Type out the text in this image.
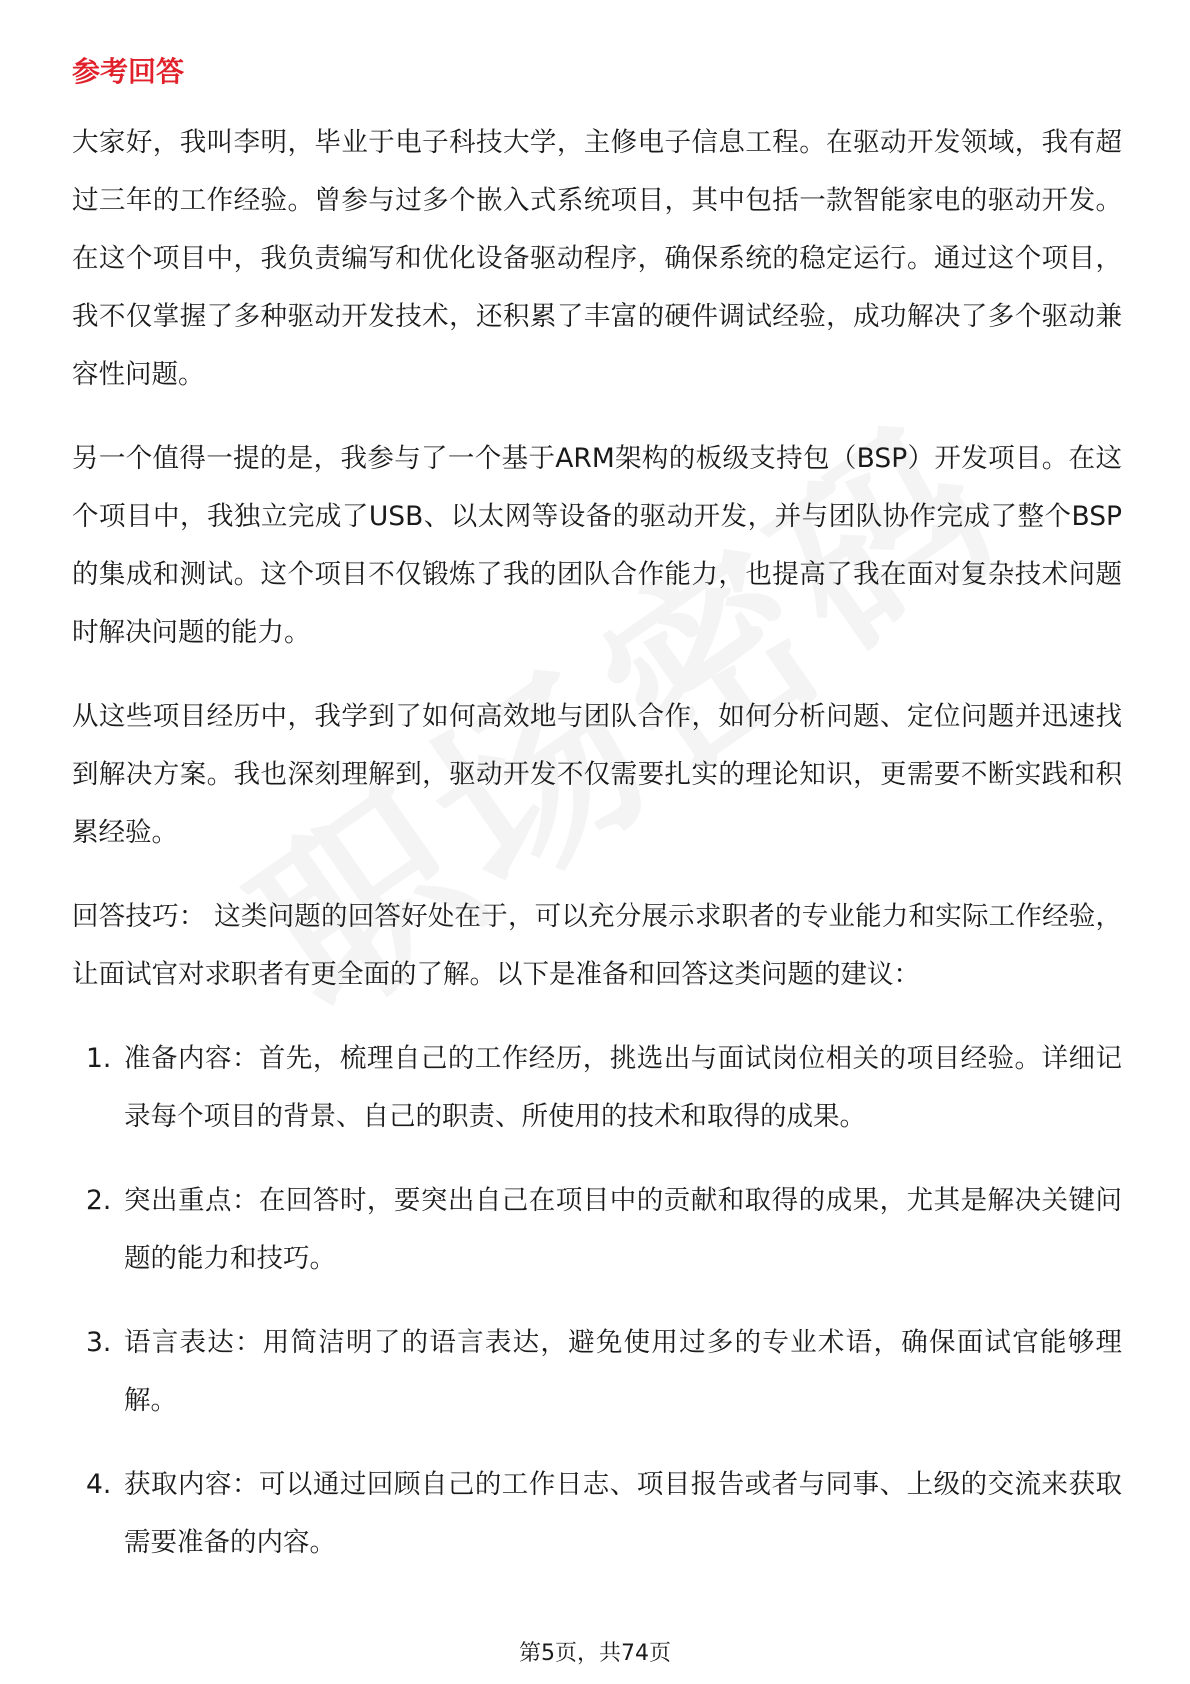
参考回答

大家好，我叫李明，毕业于电子科技大学，主修电子信息工程。在驱动开发领域，我有超过三年的工作经验。曾参与过多个嵌入式系统项目，其中包括一款智能家电的驱动开发。在这个项目中，我负责编写和优化设备驱动程序，确保系统的稳定运行。通过这个项目，我不仅掌握了多种驱动开发技术，还积累了丰富的硬件调试经验，成功解决了多个驱动兼容性问题。

另一个值得一提的是，我参与了一个基于ARM架构的板级支持包（BSP）开发项目。在这个项目中，我独立完成了USB、以太网等设备的驱动开发，并与团队协作完成了整个BSP的集成和测试。这个项目不仅锻炼了我的团队合作能力，也提高了我在面对复杂技术问题时解决问题的能力。

从这些项目经历中，我学到了如何高效地与团队合作，如何分析问题、定位问题并迅速找到解决方案。我也深刻理解到，驱动开发不仅需要扎实的理论知识，更需要不断实践和积累经验。

回答技巧： 这类问题的回答好处在于，可以充分展示求职者的专业能力和实际工作经验，让面试官对求职者有更全面的了解。以下是准备和回答这类问题的建议：

1. 准备内容：首先，梳理自己的工作经历，挑选出与面试岗位相关的项目经验。详细记录每个项目的背景、自己的职责、所使用的技术和取得的成果。
2. 突出重点：在回答时，要突出自己在项目中的贡献和取得的成果，尤其是解决关键问题的能力和技巧。
3. 语言表达：用简洁明了的语言表达，避免使用过多的专业术语，确保面试官能够理解。
4. 获取内容：可以通过回顾自己的工作日志、项目报告或者与同事、上级的交流来获取需要准备的内容。
第5页，共74页
